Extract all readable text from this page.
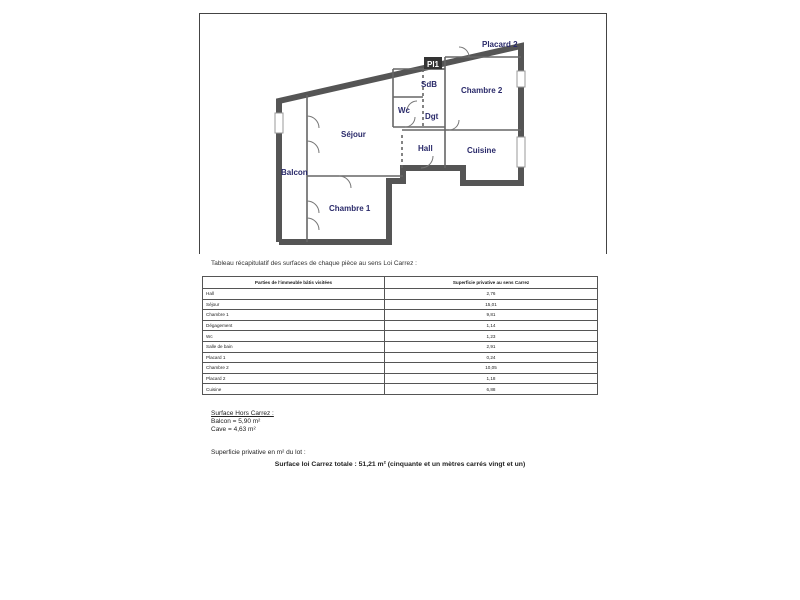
Séjour
Balcon
Chambre 1
Chambre 2
Placard 2
Pl1
SdB
Wc
Dgt
Hall	Cuisine
Tableau récapitulatif des surfaces de chaque pièce au sens Loi Carrez :
Parties de l'immeuble bâtis visitées	Superficie privative au sens Carrez
Hall	2,76
Séjour	15,01
Chambre 1	9,81
Dégagement	1,14
Wc	1,23
Salle de bain	2,91
Placard 1	0,24
Chambre 2	10,05
Placard 2	1,18
Cuisine	6,88
Surface Hors Carrez :
Balcon = 5,90 m²
Cave = 4,63 m²
Superficie privative en m² du lot :
Surface loi Carrez totale : 51,21 m² (cinquante et un mètres carrés vingt et un)
